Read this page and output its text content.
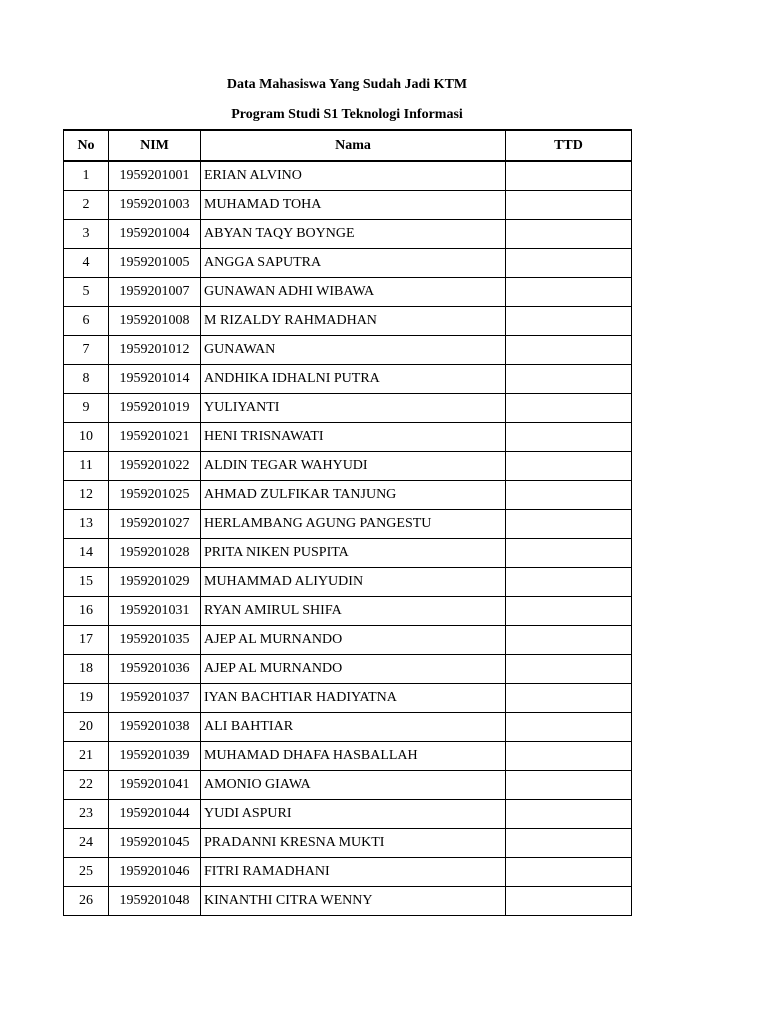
Data Mahasiswa Yang Sudah Jadi KTM
Program Studi S1 Teknologi Informasi
No	NIM	Nama	TTD
1	1959201001	ERIAN ALVINO	
2	1959201003	MUHAMAD TOHA	
3	1959201004	ABYAN TAQY BOYNGE	
4	1959201005	ANGGA SAPUTRA	
5	1959201007	GUNAWAN ADHI WIBAWA	
6	1959201008	M RIZALDY RAHMADHAN	
7	1959201012	GUNAWAN	
8	1959201014	ANDHIKA IDHALNI PUTRA	
9	1959201019	YULIYANTI	
10	1959201021	HENI TRISNAWATI	
11	1959201022	ALDIN TEGAR WAHYUDI	
12	1959201025	AHMAD ZULFIKAR TANJUNG	
13	1959201027	HERLAMBANG AGUNG PANGESTU	
14	1959201028	PRITA NIKEN PUSPITA	
15	1959201029	MUHAMMAD ALIYUDIN	
16	1959201031	RYAN AMIRUL SHIFA	
17	1959201035	AJEP AL MURNANDO	
18	1959201036	AJEP AL MURNANDO	
19	1959201037	IYAN BACHTIAR HADIYATNA	
20	1959201038	ALI BAHTIAR	
21	1959201039	MUHAMAD DHAFA HASBALLAH	
22	1959201041	AMONIO GIAWA	
23	1959201044	YUDI ASPURI	
24	1959201045	PRADANNI KRESNA MUKTI	
25	1959201046	FITRI RAMADHANI	
26	1959201048	KINANTHI CITRA WENNY	
